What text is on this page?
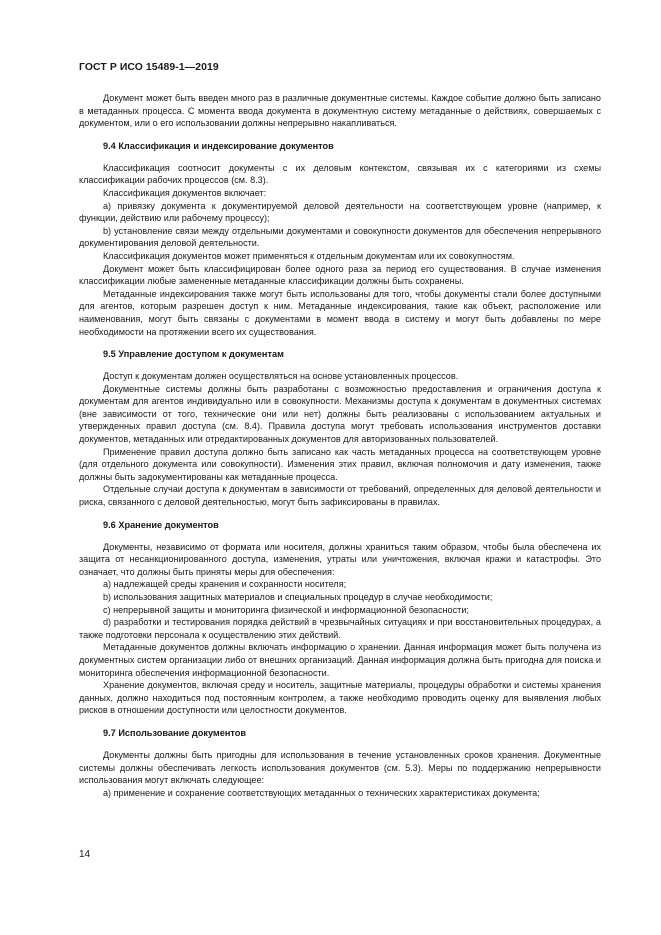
ГОСТ Р ИСО 15489-1—2019

Документ может быть введен много раз в различные документные системы. Каждое событие должно быть записано в метаданных процесса. С момента ввода документа в документную систему метаданные о действиях, совершаемых с документом, или о его использовании должны непрерывно накапливаться.

9.4 Классификация и индексирование документов

Классификация соотносит документы с их деловым контекстом, связывая их с категориями из схемы классификации рабочих процессов (см. 8.3).

Классификация документов включает:

а) привязку документа к документируемой деловой деятельности на соответствующем уровне (например, к функции, действию или рабочему процессу);

b) установление связи между отдельными документами и совокупности документов для обеспечения непрерывного документирования деловой деятельности.

Классификация документов может применяться к отдельным документам или их совокупностям.

Документ может быть классифицирован более одного раза за период его существования. В случае изменения классификации любые замененные метаданные классификации должны быть сохранены.

Метаданные индексирования также могут быть использованы для того, чтобы документы стали более доступными для агентов, которым разрешен доступ к ним. Метаданные индексирования, такие как объект, расположение или наименования, могут быть связаны с документами в момент ввода в систему и могут быть добавлены по мере необходимости на протяжении всего их существования.

9.5 Управление доступом к документам

Доступ к документам должен осуществляться на основе установленных процессов.

Документные системы должны быть разработаны с возможностью предоставления и ограничения доступа к документам для агентов индивидуально или в совокупности. Механизмы доступа к документам в документных системах (вне зависимости от того, технические они или нет) должны быть реализованы с использованием актуальных и утвержденных правил доступа (см. 8.4). Правила доступа могут требовать использования инструментов доставки документов, метаданных или отредактированных документов для авторизованных пользователей.

Применение правил доступа должно быть записано как часть метаданных процесса на соответствующем уровне (для отдельного документа или совокупности). Изменения этих правил, включая полномочия и дату изменения, также должны быть задокументированы как метаданные процесса.

Отдельные случаи доступа к документам в зависимости от требований, определенных для деловой деятельности и риска, связанного с деловой деятельностью, могут быть зафиксированы в правилах.

9.6 Хранение документов

Документы, независимо от формата или носителя, должны храниться таким образом, чтобы была обеспечена их защита от несанкционированного доступа, изменения, утраты или уничтожения, включая кражи и катастрофы. Это означает, что должны быть приняты меры для обеспечения:

а) надлежащей среды хранения и сохранности носителя;

b) использования защитных материалов и специальных процедур в случае необходимости;

с) непрерывной защиты и мониторинга физической и информационной безопасности;

d) разработки и тестирования порядка действий в чрезвычайных ситуациях и при восстановительных процедурах, а также подготовки персонала к осуществлению этих действий.

Метаданные документов должны включать информацию о хранении. Данная информация может быть получена из документных систем организации либо от внешних организаций. Данная информация должна быть пригодна для поиска и мониторинга обеспечения информационной безопасности.

Хранение документов, включая среду и носитель, защитные материалы, процедуры обработки и системы хранения данных, должно находиться под постоянным контролем, а также необходимо проводить оценку для выявления любых рисков в отношении доступности или целостности документов.

9.7 Использование документов

Документы должны быть пригодны для использования в течение установленных сроков хранения. Документные системы должны обеспечивать легкость использования документов (см. 5.3). Меры по поддержанию непрерывности использования могут включать следующее:

а) применение и сохранение соответствующих метаданных о технических характеристиках документа;

14
